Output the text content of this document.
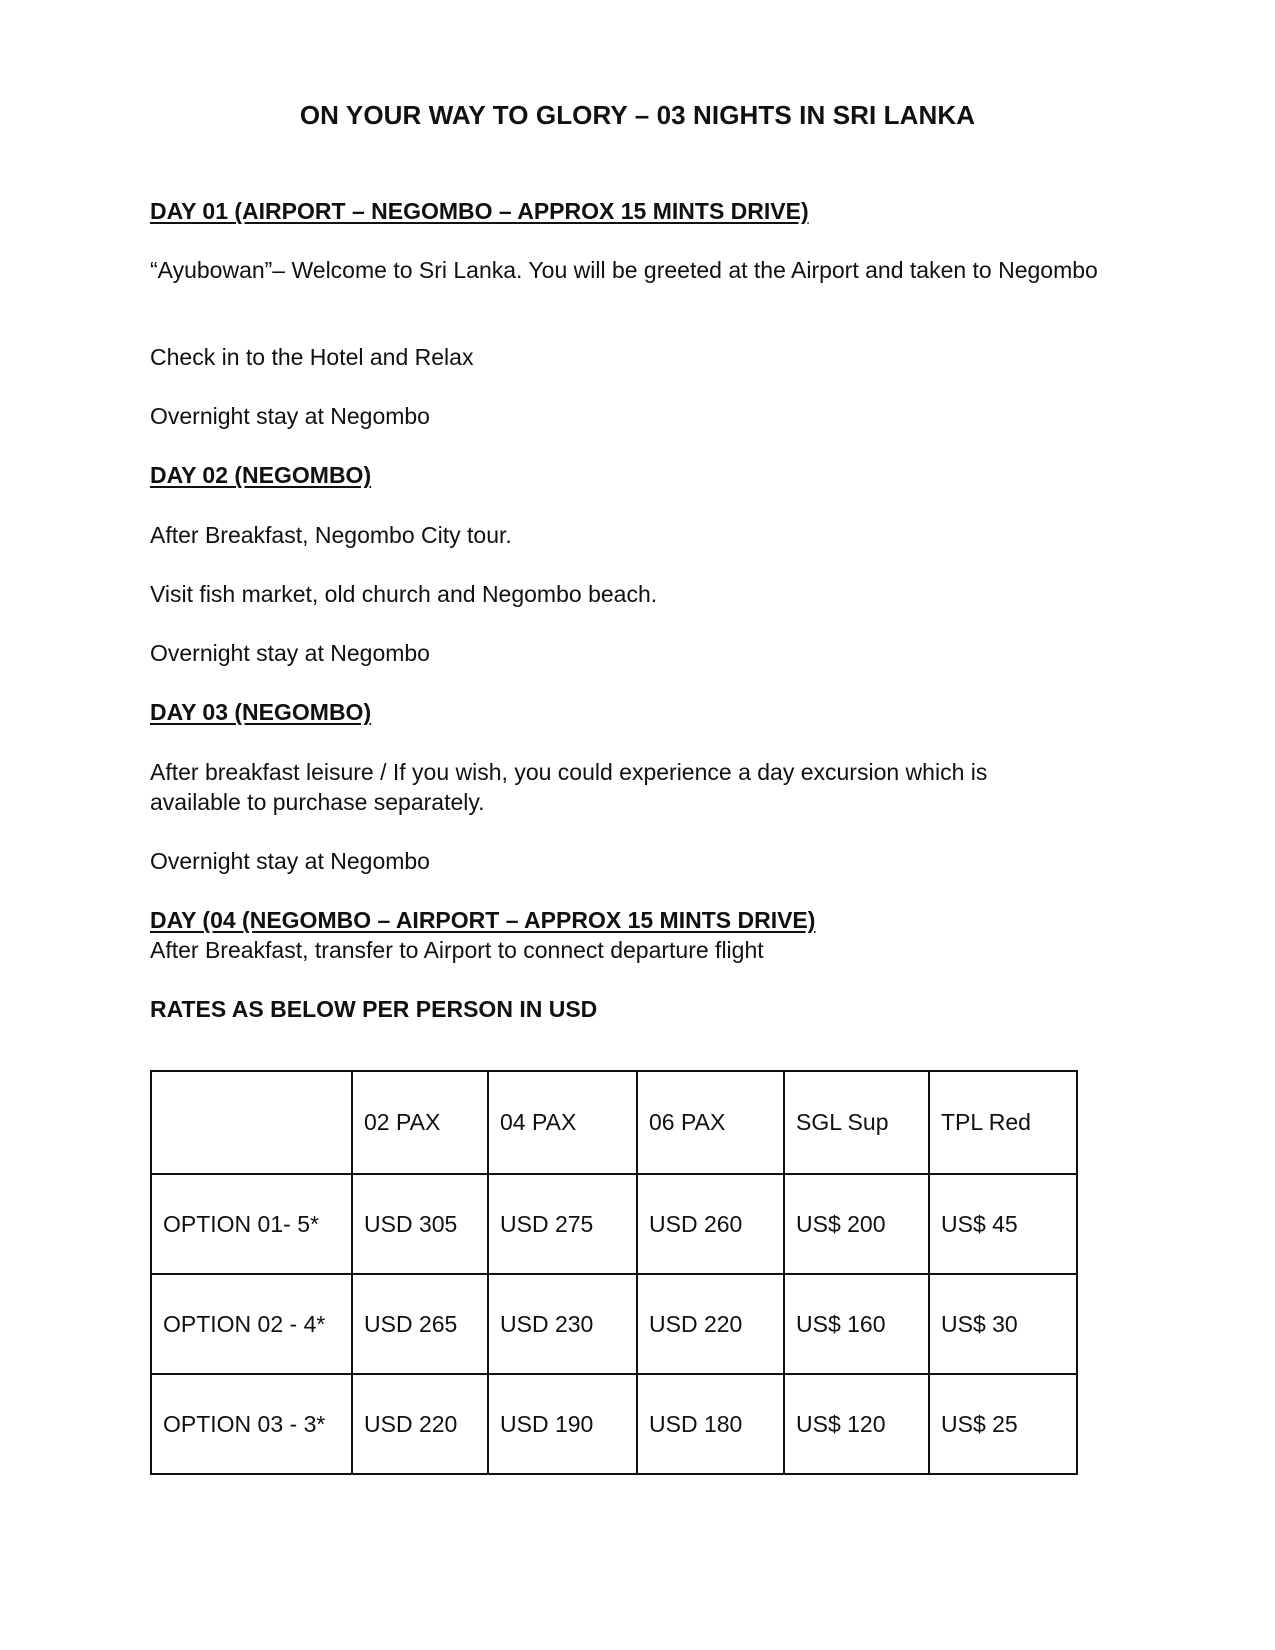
ON YOUR WAY TO GLORY – 03 NIGHTS IN SRI LANKA
DAY 01 (AIRPORT – NEGOMBO – APPROX 15 MINTS DRIVE)
“Ayubowan”– Welcome to Sri Lanka. You will be greeted at the Airport and taken to Negombo
Check in to the Hotel and Relax
Overnight stay at Negombo
DAY 02 (NEGOMBO)
After Breakfast, Negombo City tour.
Visit fish market, old church and Negombo beach.
Overnight stay at Negombo
DAY 03 (NEGOMBO)
After breakfast leisure / If you wish, you could experience a day excursion which is available to purchase separately.
Overnight stay at Negombo
DAY (04 (NEGOMBO – AIRPORT – APPROX 15 MINTS DRIVE)
After Breakfast, transfer to Airport to connect departure flight
RATES AS BELOW PER PERSON IN USD
	02 PAX	04 PAX	06 PAX	SGL Sup	TPL Red
OPTION 01- 5*	USD 305	USD 275	USD 260	US$ 200	US$ 45
OPTION 02 - 4*	USD 265	USD 230	USD 220	US$ 160	US$ 30
OPTION 03 - 3*	USD 220	USD 190	USD 180	US$ 120	US$ 25
